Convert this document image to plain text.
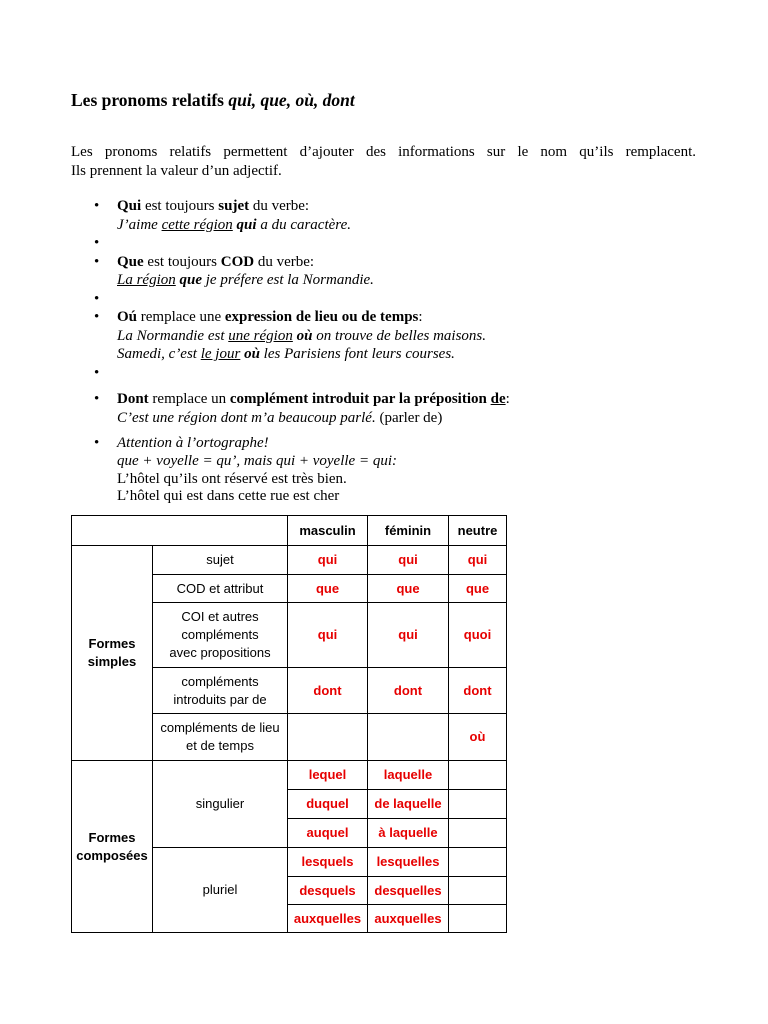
Les pronoms relatifs qui, que, où, dont

Les pronoms relatifs permettent d’ajouter des informations sur le nom qu’ils remplacent.
Ils prennent la valeur d’un adjectif.

• Qui est toujours sujet du verbe:
J’aime cette région qui a du caractère.
•
• Que est toujours COD du verbe:
La région que je préfere est la Normandie.
•
• Oú remplace une expression de lieu ou de temps:
La Normandie est une région où on trouve de belles maisons.
Samedi, c’est le jour où les Parisiens font leurs courses.
•
• Dont remplace un complément introduit par la préposition de:
C’est une région dont m’a beaucoup parlé. (parler de)
• Attention à l’ortographe!
que + voyelle = qu’, mais qui + voyelle = qui:
L’hôtel qu’ils ont réservé est très bien.
L’hôtel qui est dans cette rue est cher
		masculin	féminin	neutre

Formes
simples	sujet	qui	qui	qui

	COD et attribut	que	que	que

	COI et autres
compléments
avec propositions	qui	qui	quoi

	compléments
introduits par de	dont	dont	dont

	compléments de lieu
et de temps			où

Formes
composées	singulier	lequel	laquelle	
		duquel	de laquelle	
		auquel	à laquelle	
	pluriel	lesquels	lesquelles	
		desquels	desquelles	
		auxquelles	auxquelles	
